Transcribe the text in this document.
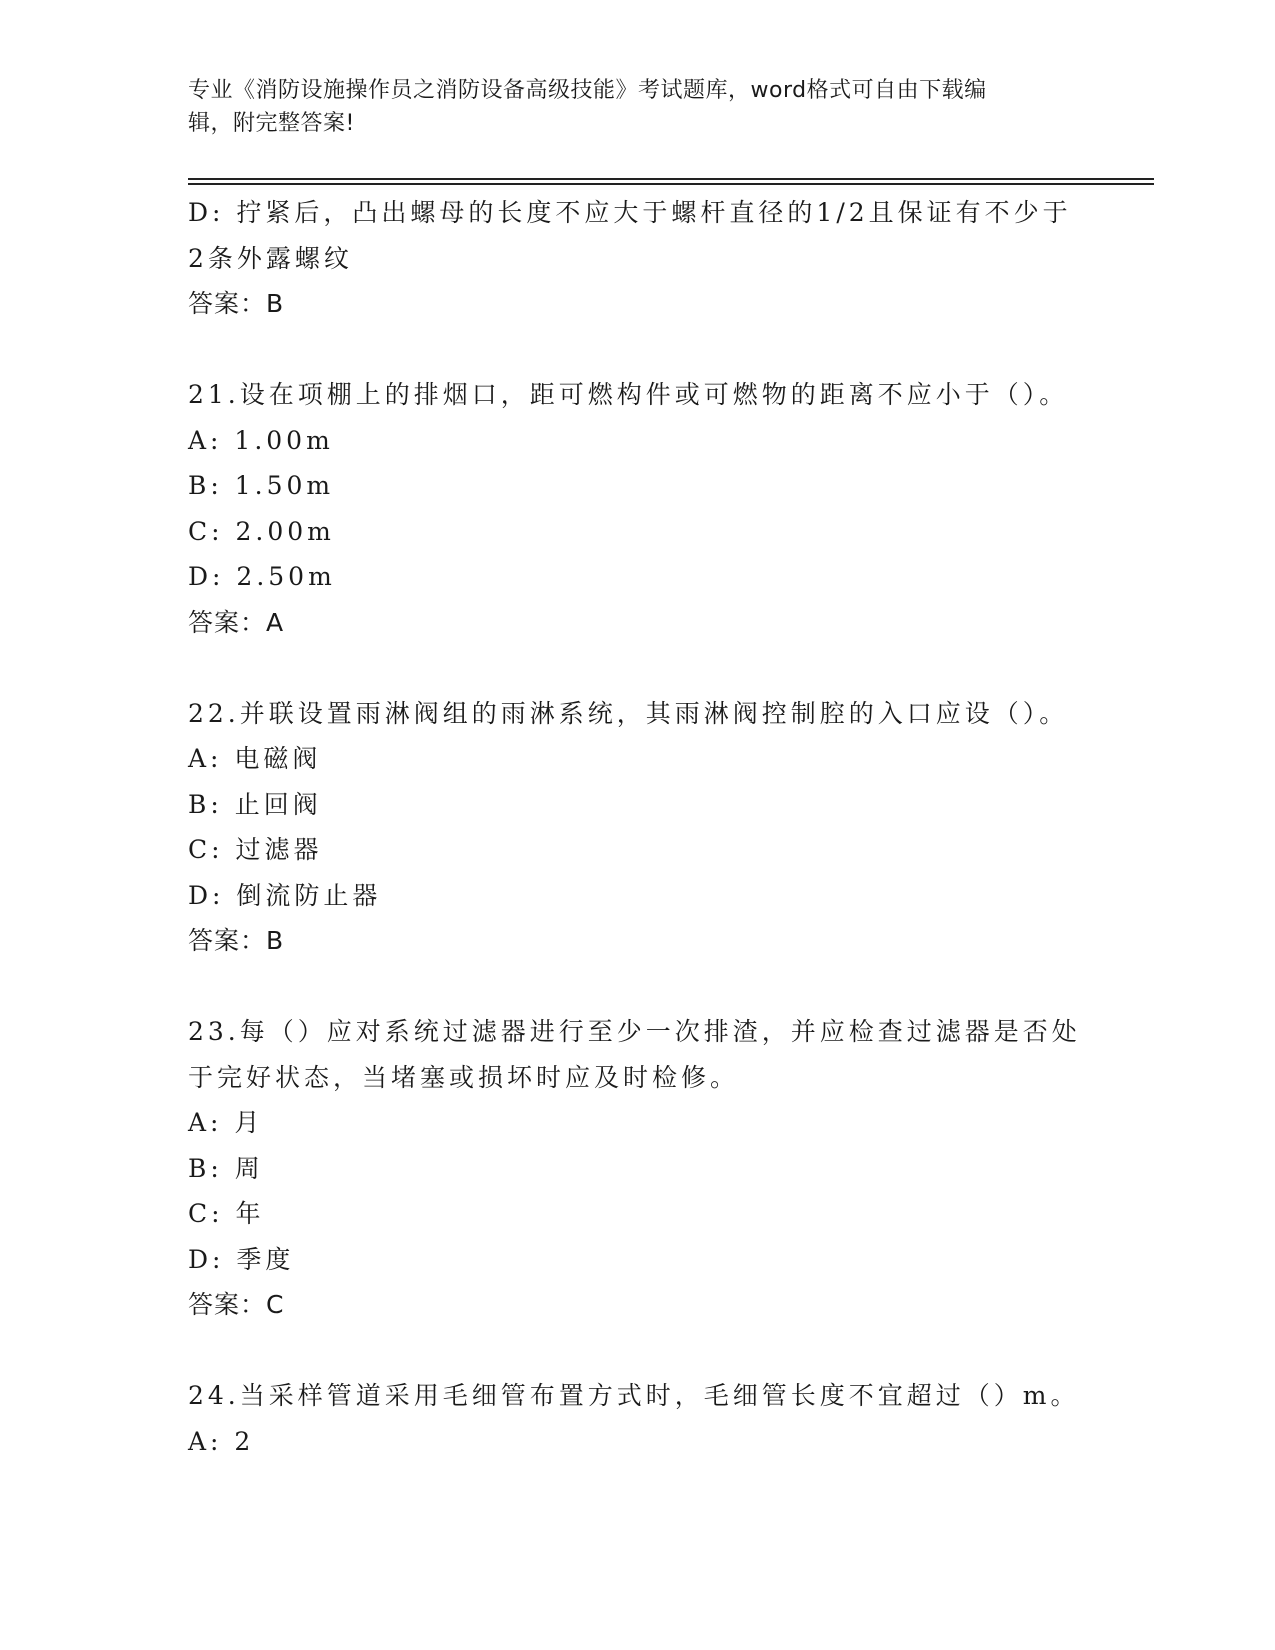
专业《消防设施操作员之消防设备高级技能》考试题库，word格式可自由下载编
辑，附完整答案!
D: 拧紧后，凸出螺母的长度不应大于螺杆直径的1/2且保证有不少于
2条外露螺纹
答案：B
21.设在项棚上的排烟口，距可燃构件或可燃物的距离不应小于（）。
A: 1.00m
B: 1.50m
C: 2.00m
D: 2.50m
答案：A
22.并联设置雨淋阀组的雨淋系统，其雨淋阀控制腔的入口应设（）。
A: 电磁阀
B: 止回阀
C: 过滤器
D: 倒流防止器
答案：B
23.每（）应对系统过滤器进行至少一次排渣，并应检查过滤器是否处
于完好状态，当堵塞或损坏时应及时检修。
A: 月
B: 周
C: 年
D: 季度
答案：C
24.当采样管道采用毛细管布置方式时，毛细管长度不宜超过（）m。
A: 2
